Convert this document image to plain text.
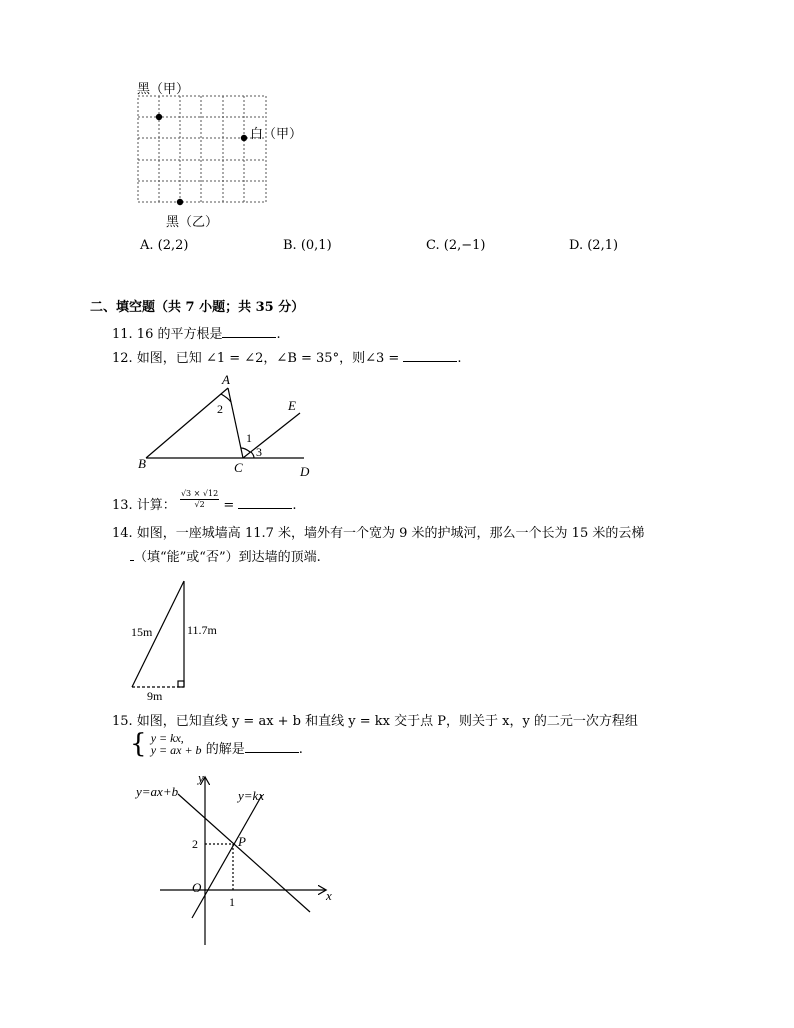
黑（甲）
白（甲）
黑（乙）
A. (2,2)	B. (0,1)	C. (2,−1)	D. (2,1)
二、填空题（共 7 小题；共 35 分）
11. 16 的平方根是	.
12. 如图，已知 ∠1 = ∠2，∠B = 35°，则∠3 =	.
A
B	C	D
E
1
2
3
13. 计算： $\frac{√3 \times √12}{√2}$ =	.
14. 如图，一座城墙高 11.7 米，墙外有一个宽为 9 米的护城河，那么一个长为 15 米的云梯
（填“能”或“否”）到达墙的顶端.
15m	11.7m
9m
15. 如图，已知直线 y = ax + b 和直线 y = kx 交于点 P，则关于 x，y 的二元一次方程组
{ y = kx,
y = ax + b 的解是	.
y=ax+b	y=kx
y
x
P
O
2
1
